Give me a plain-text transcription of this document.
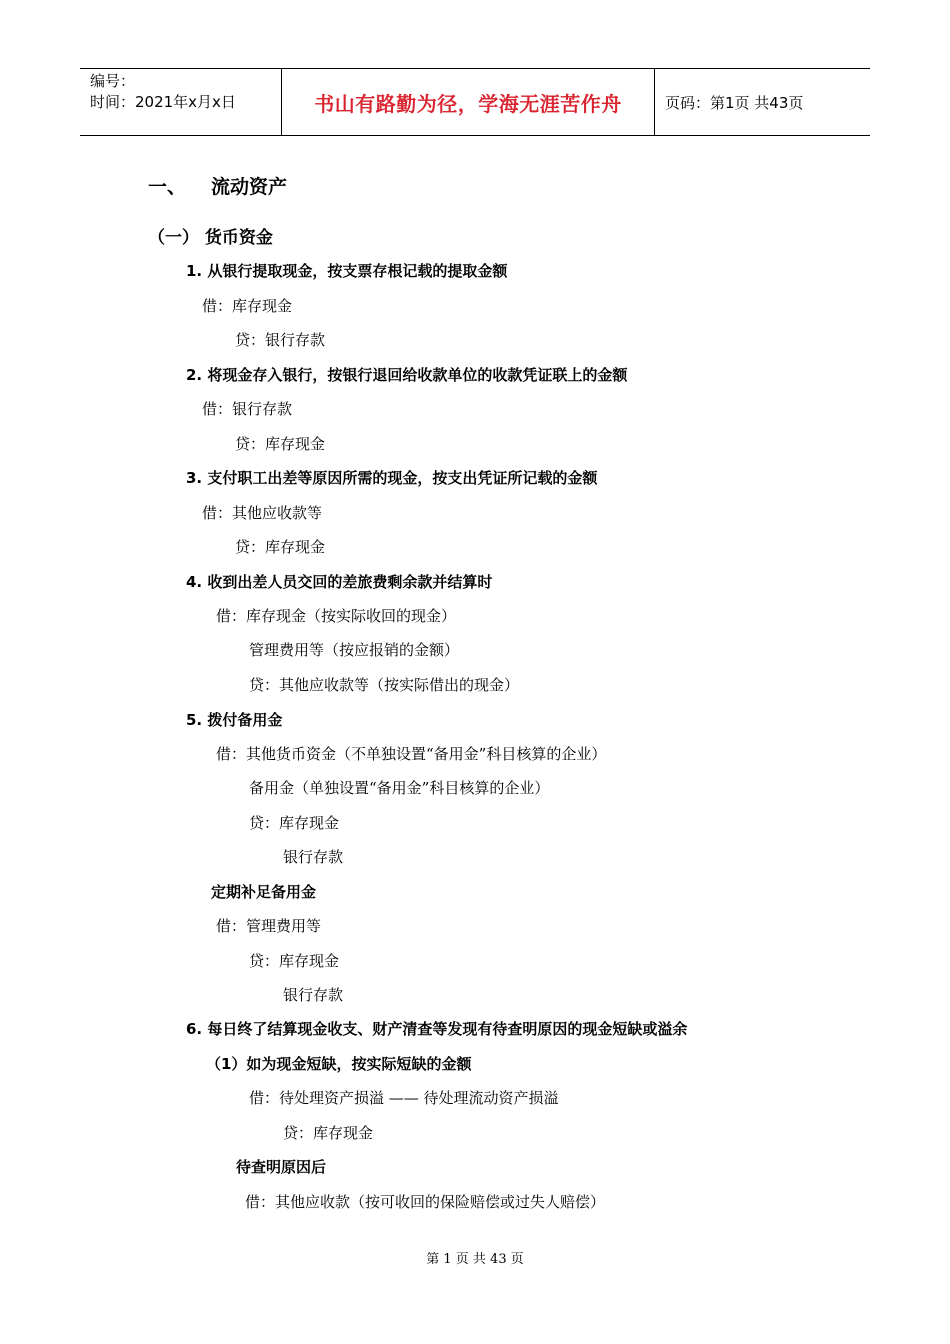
编号：
时间：2021年x月x日	书山有路勤为径，学海无涯苦作舟	页码：第1页 共43页
一、 流动资产
（一） 货币资金
1. 从银行提取现金，按支票存根记载的提取金额
借：库存现金
贷：银行存款
2. 将现金存入银行，按银行退回给收款单位的收款凭证联上的金额
借：银行存款
贷：库存现金
3. 支付职工出差等原因所需的现金，按支出凭证所记载的金额
借：其他应收款等
贷：库存现金
4. 收到出差人员交回的差旅费剩余款并结算时
借：库存现金（按实际收回的现金）
管理费用等（按应报销的金额）
贷：其他应收款等（按实际借出的现金）
5. 拨付备用金
借：其他货币资金（不单独设置“备用金”科目核算的企业）
备用金（单独设置“备用金”科目核算的企业）
贷：库存现金
银行存款
定期补足备用金
借：管理费用等
贷：库存现金
银行存款
6. 每日终了结算现金收支、财产清查等发现有待查明原因的现金短缺或溢余
（1）如为现金短缺，按实际短缺的金额
借：待处理资产损溢 —— 待处理流动资产损溢
贷：库存现金
待查明原因后
借：其他应收款（按可收回的保险赔偿或过失人赔偿）
第 1 页 共 43 页
